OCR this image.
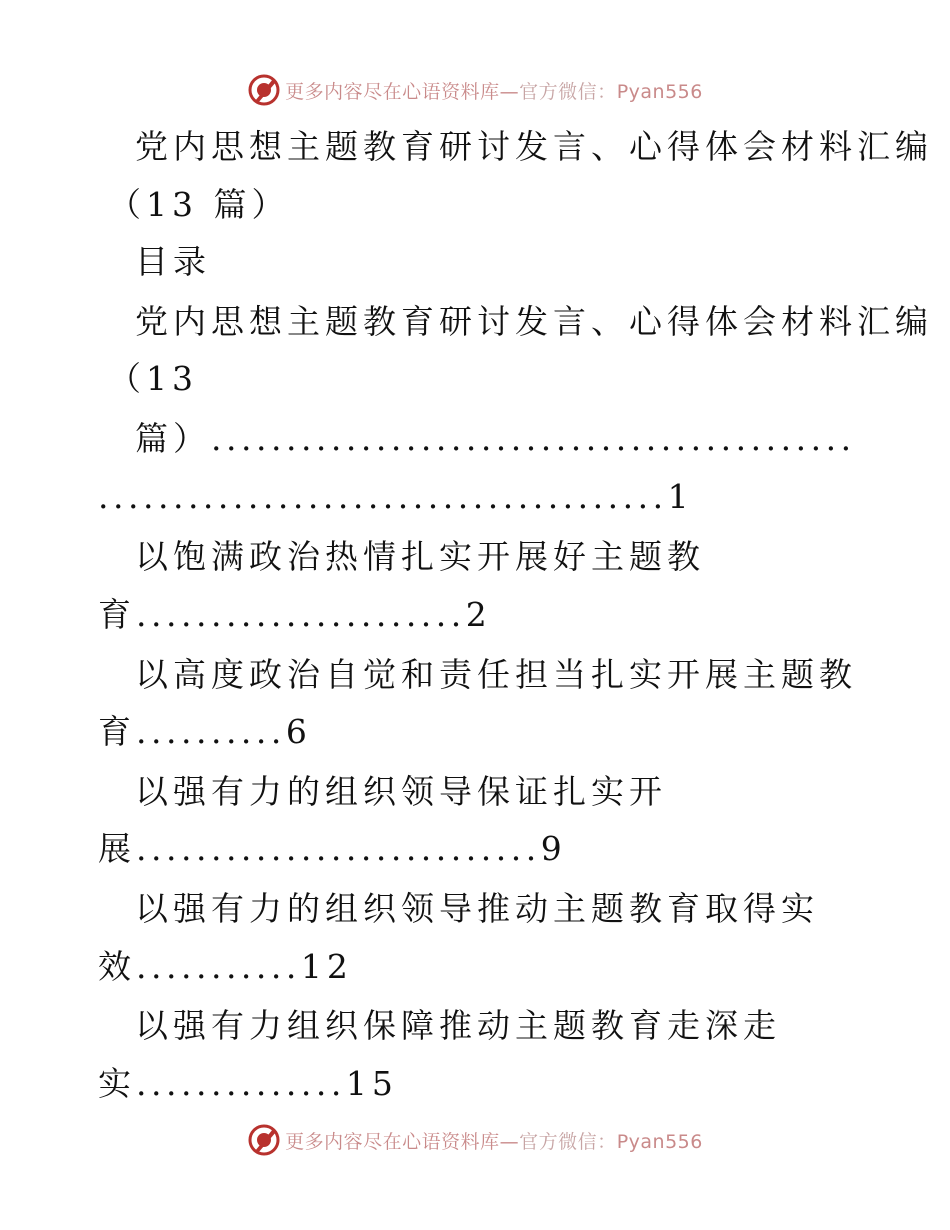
更多内容尽在心语资料库—官方微信：Pyan556
党内思想主题教育研讨发言、心得体会材料汇编
（13 篇）
目录
党内思想主题教育研讨发言、心得体会材料汇编
（13
篇）...........................................
......................................1
以饱满政治热情扎实开展好主题教
育......................2
以高度政治自觉和责任担当扎实开展主题教
育..........6
以强有力的组织领导保证扎实开
展...........................9
以强有力的组织领导推动主题教育取得实
效...........12
以强有力组织保障推动主题教育走深走
实..............15
更多内容尽在心语资料库—官方微信：Pyan556
